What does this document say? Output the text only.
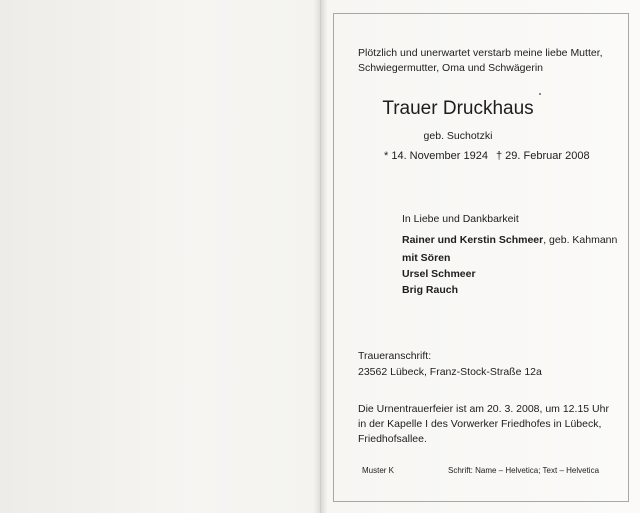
Plötzlich und unerwartet verstarb meine liebe Mutter,
Schwiegermutter, Oma und Schwägerin
Trauer Druckhaus
geb. Suchotzki
* 14. November 1924 † 29. Februar 2008
In Liebe und Dankbarkeit
Rainer und Kerstin Schmeer, geb. Kahmann
mit Sören
Ursel Schmeer
Brig Rauch
Traueranschrift:
23562 Lübeck, Franz-Stock-Straße 12a
Die Urnentrauerfeier ist am 20. 3. 2008, um 12.15 Uhr
in der Kapelle I des Vorwerker Friedhofes in Lübeck,
Friedhofsallee.
Muster K	Schrift: Name – Helvetica; Text – Helvetica
